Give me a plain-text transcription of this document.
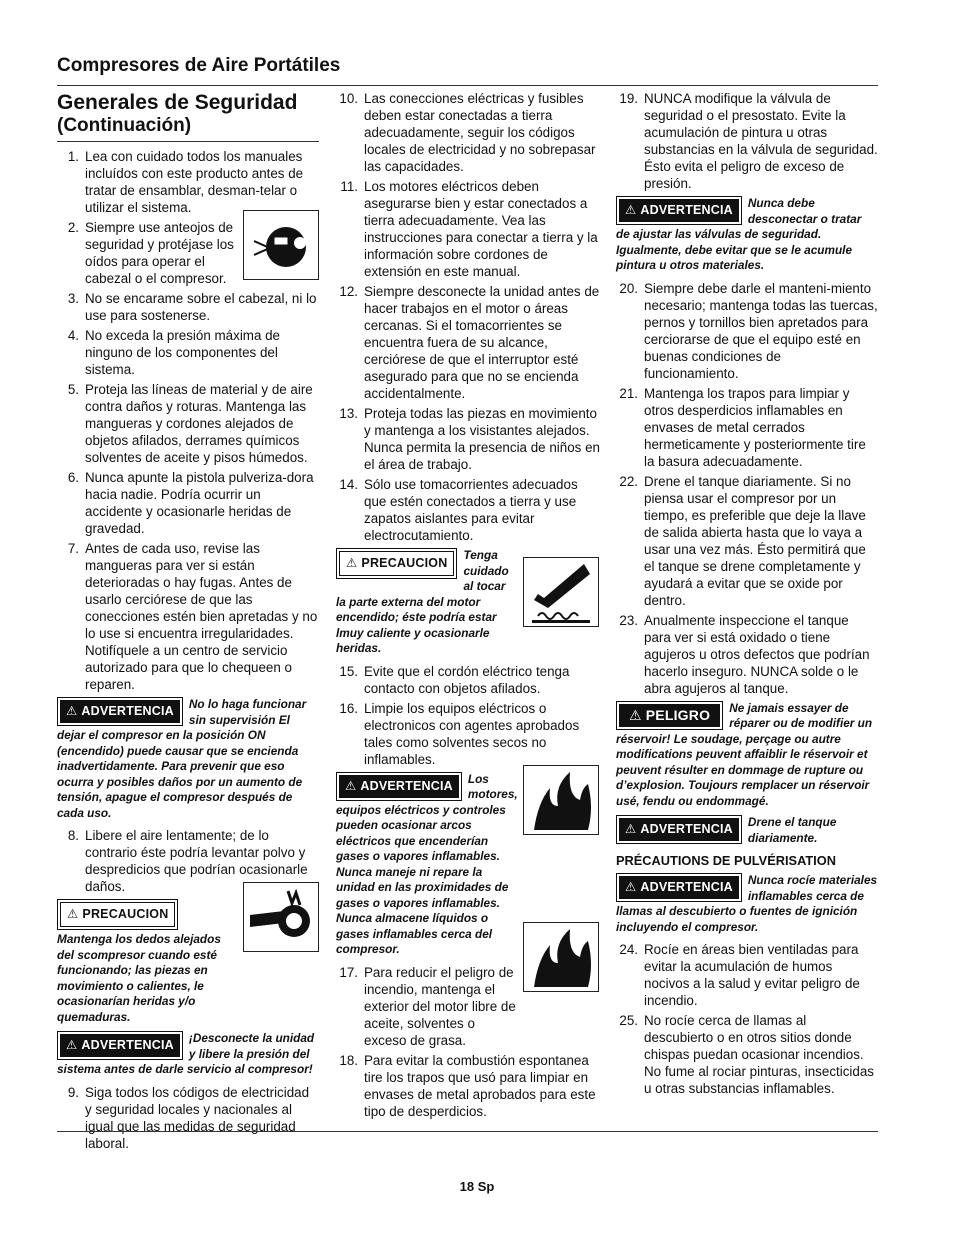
Compresores de Aire Portátiles
Generales de Seguridad
(Continuación)
1. Lea con cuidado todos los manuales incluídos con este producto antes de tratar de ensamblar, desman-telar o utilizar el sistema.
2. Siempre use anteojos de seguridad y protéjase los oídos para operar el cabezal o el compresor.
3. No se encarame sobre el cabezal, ni lo use para sostenerse.
4. No exceda la presión máxima de ninguno de los componentes del sistema.
5. Proteja las líneas de material y de aire contra daños y roturas. Mantenga las mangueras y cordones alejados de objetos afilados, derrames químicos solventes de aceite y pisos húmedos.
6. Nunca apunte la pistola pulveriza-dora hacia nadie. Podría ocurrir un accidente y ocasionarle heridas de gravedad.
7. Antes de cada uso, revise las mangueras para ver si están deterioradas o hay fugas. Antes de usarlo cerciórese de que las conecciones estén bien apretadas y no lo use si encuentra irregularidades. Notifíquele a un centro de servicio autorizado para que lo chequeen o reparen.
⚠ ADVERTENCIA	No lo haga funcionar sin supervisión El dejar el compresor en la posición ON (encendido) puede causar que se encienda inadvertidamente. Para prevenir que eso ocurra y posibles daños por un aumento de tensión, apague el compresor después de cada uso.
8. Libere el aire lentamente; de lo contrario éste podría levantar polvo y despredicios que podrían ocasionarle daños.
⚠ PRECAUCION
Mantenga los dedos alejados del scompresor cuando esté funcionando; las piezas en movimiento o calientes, le ocasionarían heridas y/o quemaduras.
⚠ ADVERTENCIA	¡Desconecte la unidad y libere la presión del sistema antes de darle servicio al compresor!
9. Siga todos los códigos de electricidad y seguridad locales y nacionales al igual que las medidas de seguridad laboral.
10. Las conecciones eléctricas y fusibles deben estar conectadas a tierra adecuadamente, seguir los códigos locales de electricidad y no sobrepasar las capacidades.
11. Los motores eléctricos deben asegurarse bien y estar conectados a tierra adecuadamente. Vea las instrucciones para conectar a tierra y la información sobre cordones de extensión en este manual.
12. Siempre desconecte la unidad antes de hacer trabajos en el motor o áreas cercanas. Si el tomacorrientes se encuentra fuera de su alcance, cerciórese de que el interruptor esté asegurado para que no se encienda accidentalmente.
13. Proteja todas las piezas en movimiento y mantenga a los visistantes alejados. Nunca permita la presencia de niños en el área de trabajo.
14. Sólo use tomacorrientes adecuados que estén conectados a tierra y use zapatos aislantes para evitar electrocutamiento.
⚠ PRECAUCION
Tenga cuidado al tocar la parte externa del motor encendido; éste podría estar lmuy caliente y ocasionarle heridas.
15. Evite que el cordón eléctrico tenga contacto con objetos afilados.
16. Limpie los equipos eléctricos o electronicos con agentes aprobados tales como solventes secos no inflamables.
⚠ ADVERTENCIA	Los motores, equipos eléctricos y controles pueden ocasionar arcos eléctricos que encenderían gases o vapores inflamables. Nunca maneje ni repare la unidad en las proximidades de gases o vapores inflamables. Nunca almacene líquidos o gases inflamables cerca del compresor.
17. Para reducir el peligro de incendio, mantenga el exterior del motor libre de aceite, solventes o exceso de grasa.
18. Para evitar la combustión espontanea tire los trapos que usó para limpiar en envases de metal aprobados para este tipo de desperdicios.
19. NUNCA modifique la válvula de seguridad o el presostato. Evite la acumulación de pintura u otras substancias en la válvula de seguridad. Ésto evita el peligro de exceso de presión.
⚠ ADVERTENCIA	Nunca debe desconectar o tratar de ajustar las válvulas de seguridad. Igualmente, debe evitar que se le acumule pintura u otros materiales.
20. Siempre debe darle el manteni-miento necesario; mantenga todas las tuercas, pernos y tornillos bien apretados para cerciorarse de que el equipo esté en buenas condiciones de funcionamiento.
21. Mantenga los trapos para limpiar y otros desperdicios inflamables en envases de metal cerrados hermeticamente y posteriormente tire la basura adecuadamente.
22. Drene el tanque diariamente. Si no piensa usar el compresor por un tiempo, es preferible que deje la llave de salida abierta hasta que lo vaya a usar una vez más. Ésto permitirá que el tanque se drene completamente y ayudará a evitar que se oxide por dentro.
23. Anualmente inspeccione el tanque para ver si está oxidado o tiene agujeros u otros defectos que podrían hacerlo inseguro. NUNCA solde o le abra agujeros al tanque.
⚠ PELIGRO	Ne jamais essayer de réparer ou de modifier un réservoir! Le soudage, perçage ou autre modifications peuvent affaiblir le réservoir et peuvent résulter en dommage de rupture ou d’explosion. Toujours remplacer un réservoir usé, fendu ou endommagé.
⚠ ADVERTENCIA	Drene el tanque diariamente.
PRÉCAUTIONS DE PULVÉRISATION
⚠ ADVERTENCIA	Nunca rocíe materiales inflamables cerca de llamas al descubierto o fuentes de ignición incluyendo el compresor.
24. Rocíe en áreas bien ventiladas para evitar la acumulación de humos nocivos a la salud y evitar peligro de incendio.
25. No rocíe cerca de llamas al descubierto o en otros sitios donde chispas puedan ocasionar incendios. No fume al rociar pinturas, insecticidas u otras substancias inflamables.
18 Sp
